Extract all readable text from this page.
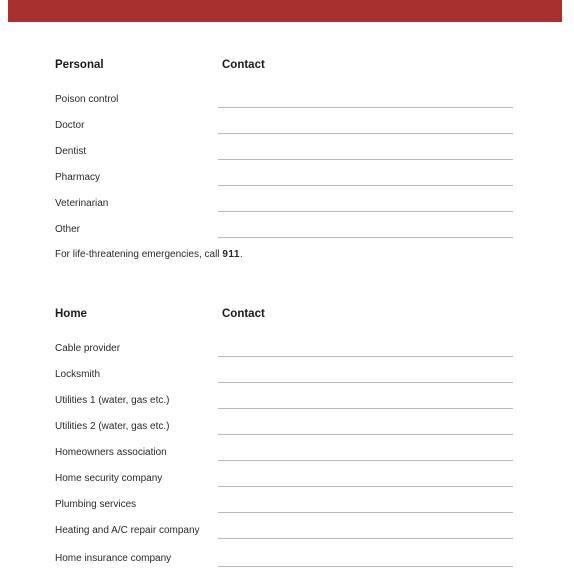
Personal	Contact
Poison control
Doctor
Dentist
Pharmacy
Veterinarian
Other
For life-threatening emergencies, call 911.
Home	Contact
Cable provider
Locksmith
Utilities 1 (water, gas etc.)
Utilities 2 (water, gas etc.)
Homeowners association
Home security company
Plumbing services
Heating and A/C repair company
Home insurance company
